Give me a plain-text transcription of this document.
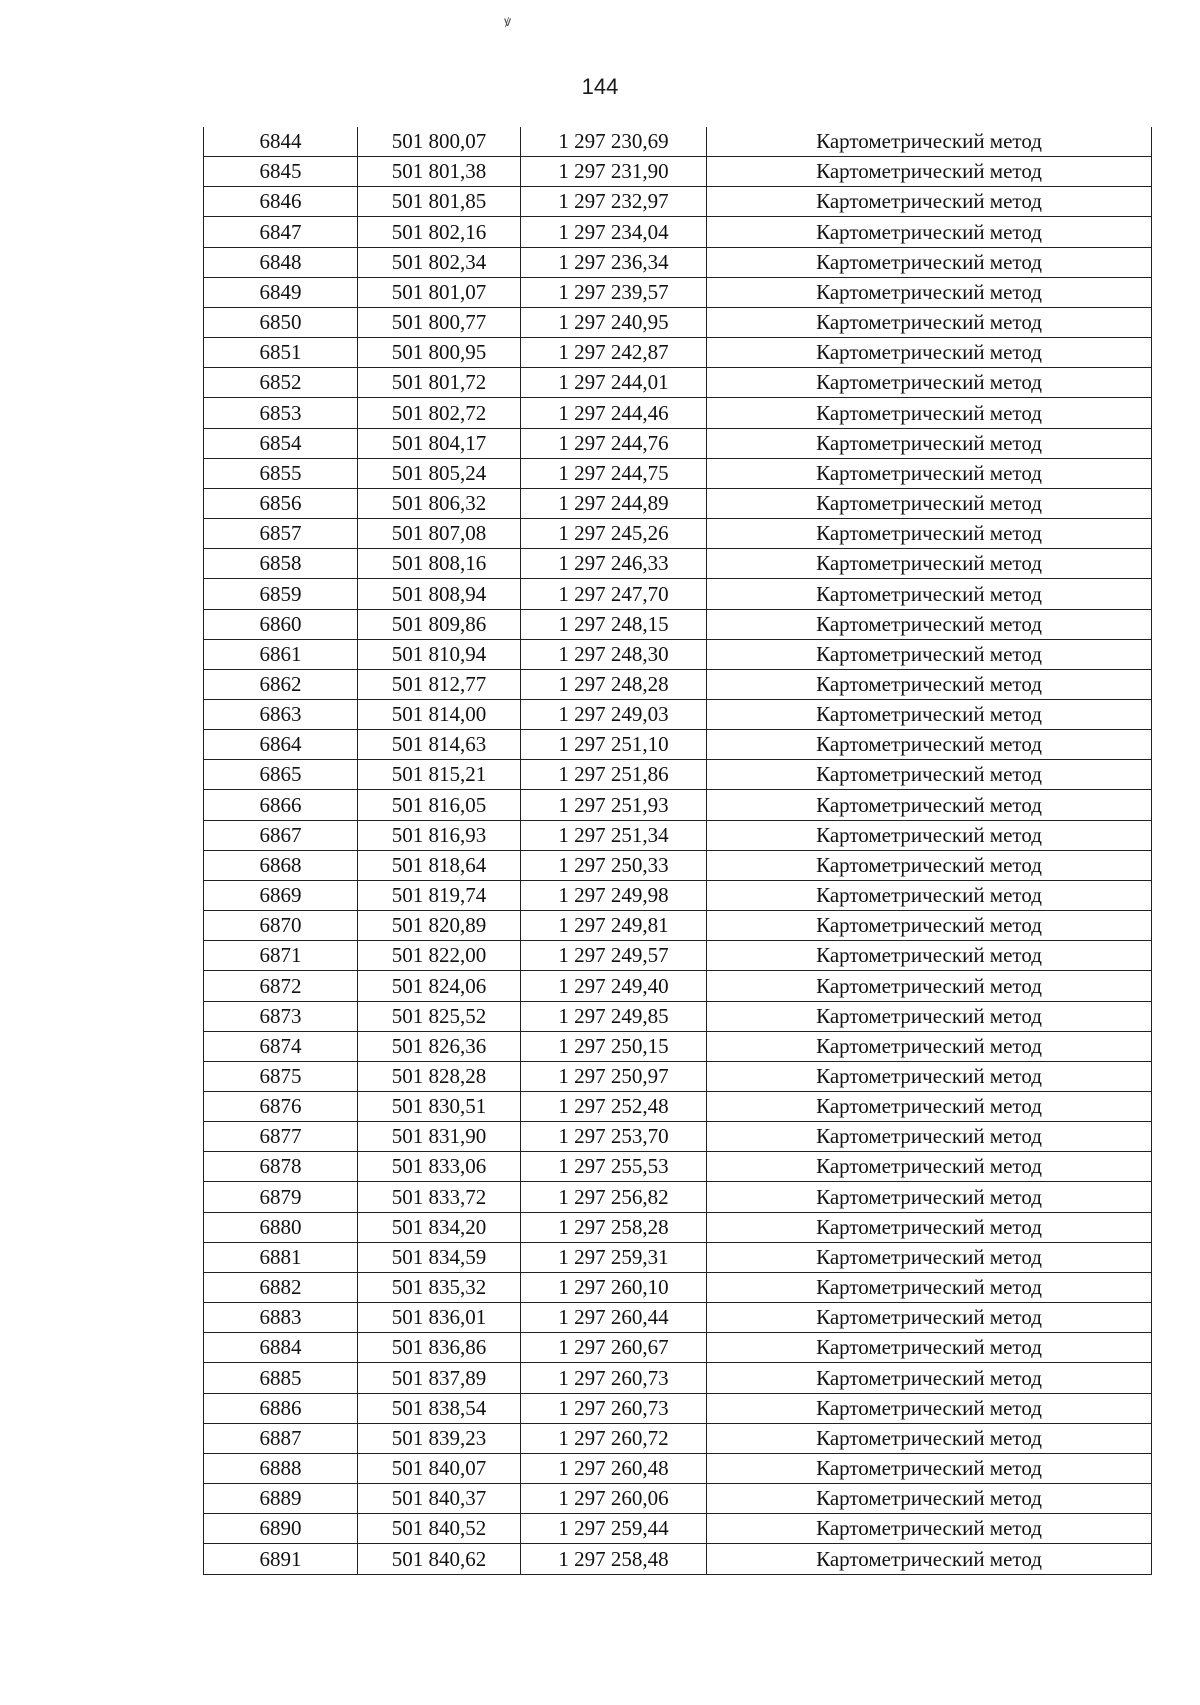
ꝟ
144
6844	501 800,07	1 297 230,69	Картометрический метод
6845	501 801,38	1 297 231,90	Картометрический метод
6846	501 801,85	1 297 232,97	Картометрический метод
6847	501 802,16	1 297 234,04	Картометрический метод
6848	501 802,34	1 297 236,34	Картометрический метод
6849	501 801,07	1 297 239,57	Картометрический метод
6850	501 800,77	1 297 240,95	Картометрический метод
6851	501 800,95	1 297 242,87	Картометрический метод
6852	501 801,72	1 297 244,01	Картометрический метод
6853	501 802,72	1 297 244,46	Картометрический метод
6854	501 804,17	1 297 244,76	Картометрический метод
6855	501 805,24	1 297 244,75	Картометрический метод
6856	501 806,32	1 297 244,89	Картометрический метод
6857	501 807,08	1 297 245,26	Картометрический метод
6858	501 808,16	1 297 246,33	Картометрический метод
6859	501 808,94	1 297 247,70	Картометрический метод
6860	501 809,86	1 297 248,15	Картометрический метод
6861	501 810,94	1 297 248,30	Картометрический метод
6862	501 812,77	1 297 248,28	Картометрический метод
6863	501 814,00	1 297 249,03	Картометрический метод
6864	501 814,63	1 297 251,10	Картометрический метод
6865	501 815,21	1 297 251,86	Картометрический метод
6866	501 816,05	1 297 251,93	Картометрический метод
6867	501 816,93	1 297 251,34	Картометрический метод
6868	501 818,64	1 297 250,33	Картометрический метод
6869	501 819,74	1 297 249,98	Картометрический метод
6870	501 820,89	1 297 249,81	Картометрический метод
6871	501 822,00	1 297 249,57	Картометрический метод
6872	501 824,06	1 297 249,40	Картометрический метод
6873	501 825,52	1 297 249,85	Картометрический метод
6874	501 826,36	1 297 250,15	Картометрический метод
6875	501 828,28	1 297 250,97	Картометрический метод
6876	501 830,51	1 297 252,48	Картометрический метод
6877	501 831,90	1 297 253,70	Картометрический метод
6878	501 833,06	1 297 255,53	Картометрический метод
6879	501 833,72	1 297 256,82	Картометрический метод
6880	501 834,20	1 297 258,28	Картометрический метод
6881	501 834,59	1 297 259,31	Картометрический метод
6882	501 835,32	1 297 260,10	Картометрический метод
6883	501 836,01	1 297 260,44	Картометрический метод
6884	501 836,86	1 297 260,67	Картометрический метод
6885	501 837,89	1 297 260,73	Картометрический метод
6886	501 838,54	1 297 260,73	Картометрический метод
6887	501 839,23	1 297 260,72	Картометрический метод
6888	501 840,07	1 297 260,48	Картометрический метод
6889	501 840,37	1 297 260,06	Картометрический метод
6890	501 840,52	1 297 259,44	Картометрический метод
6891	501 840,62	1 297 258,48	Картометрический метод
